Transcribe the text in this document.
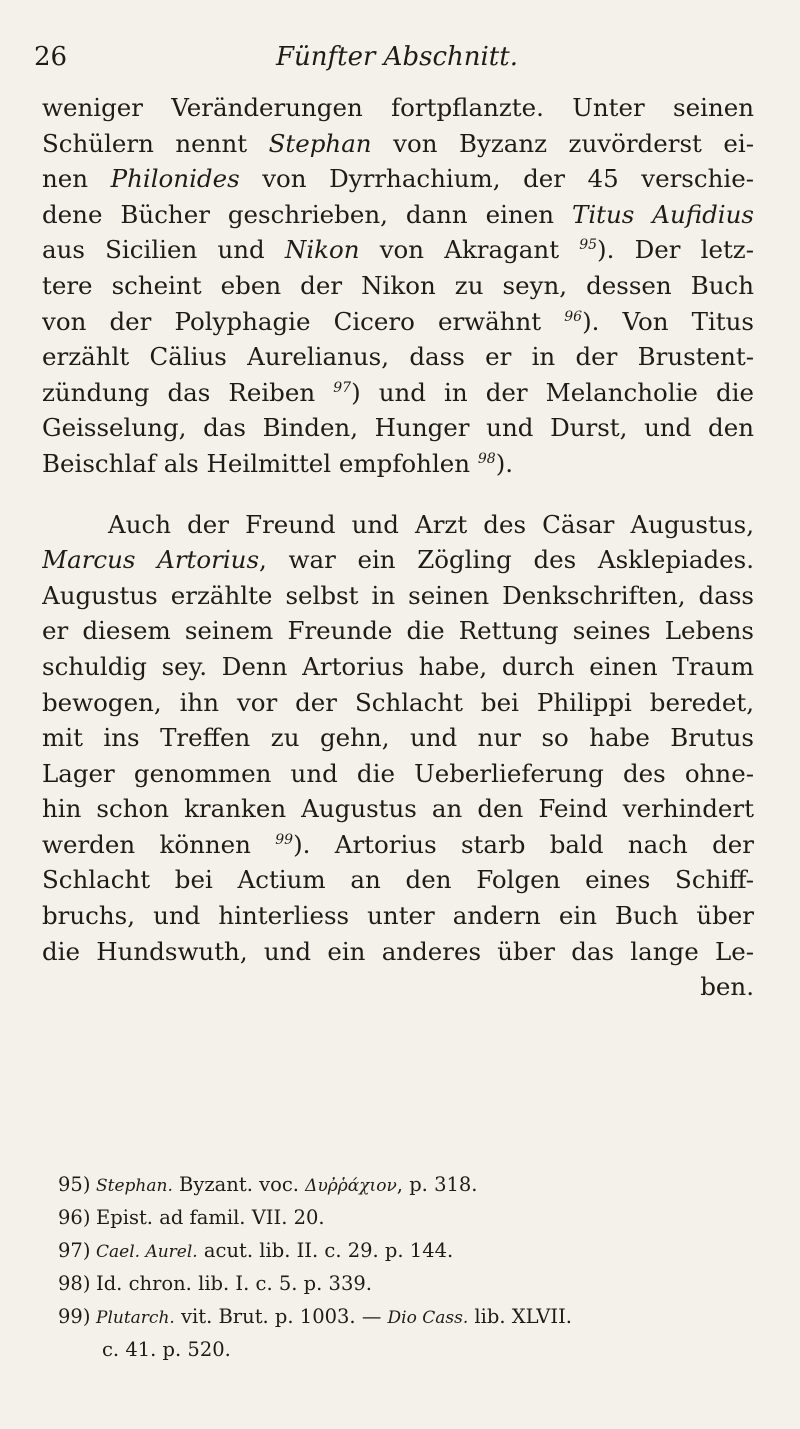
26	Fünfter Abschnitt.
weniger Veränderungen fortpflanzte. Unter seinen
Schülern nennt Stephan von Byzanz zuvörderst ei-
nen Philonides von Dyrrhachium, der 45 verschie-
dene Bücher geschrieben, dann einen Titus Aufidius
aus Sicilien und Nikon von Akragant $^{95}$). Der letz-
tere scheint eben der Nikon zu seyn, dessen Buch
von der Polyphagie Cicero erwähnt $^{96}$). Von Titus
erzählt Cälius Aurelianus, dass er in der Brustent-
zündung das Reiben $^{97}$) und in der Melancholie die
Geisselung, das Binden, Hunger und Durst, und den
Beischlaf als Heilmittel empfohlen $^{98}$).
Auch der Freund und Arzt des Cäsar Augustus,
Marcus Artorius, war ein Zögling des Asklepiades.
Augustus erzählte selbst in seinen Denkschriften, dass
er diesem seinem Freunde die Rettung seines Lebens
schuldig sey. Denn Artorius habe, durch einen Traum
bewogen, ihn vor der Schlacht bei Philippi beredet,
mit ins Treffen zu gehn, und nur so habe Brutus
Lager genommen und die Ueberlieferung des ohne-
hin schon kranken Augustus an den Feind verhindert
werden können $^{99}$). Artorius starb bald nach der
Schlacht bei Actium an den Folgen eines Schiff-
bruchs, und hinterliess unter andern ein Buch über
die Hundswuth, und ein anderes über das lange Le-
ben.
95) Stephan. Byzant. voc. Δυῤῥάχιον, p. 318.
96) Epist. ad famil. VII. 20.
97) Cael. Aurel. acut. lib. II. c. 29. p. 144.
98) Id. chron. lib. I. c. 5. p. 339.
99) Plutarch. vit. Brut. p. 1003. — Dio Cass. lib. XLVII.
c. 41. p. 520.
